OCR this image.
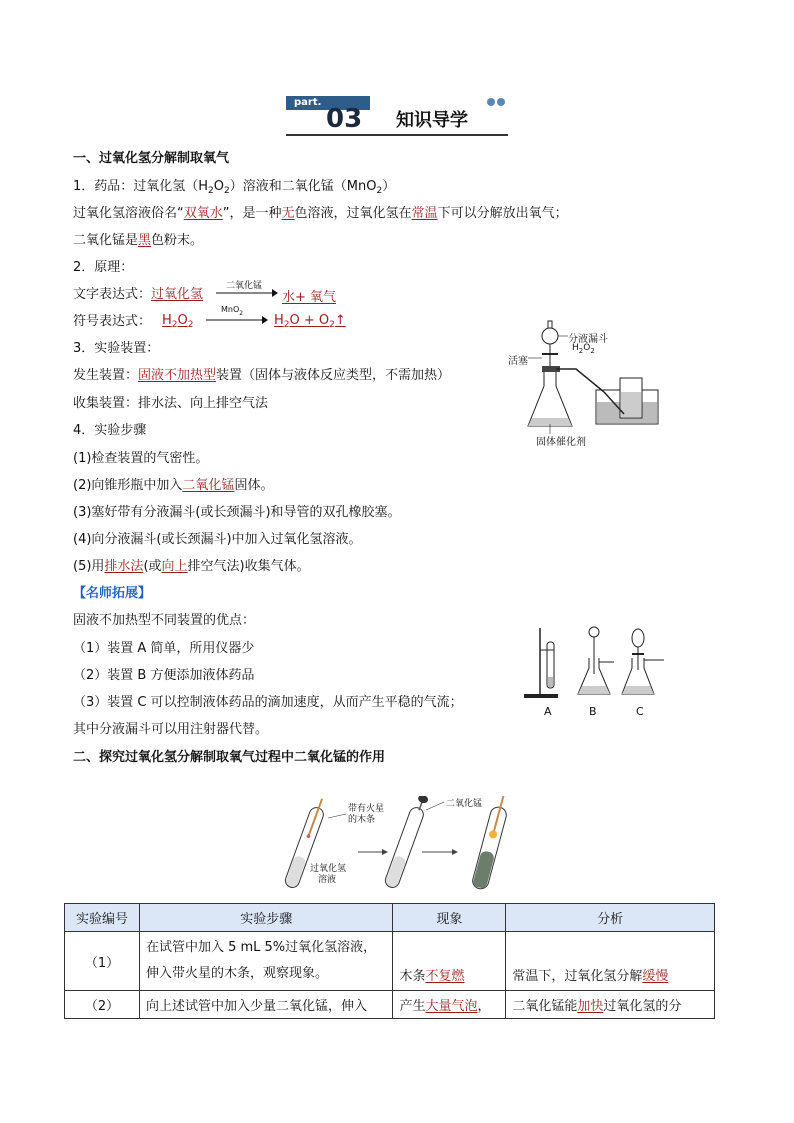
part.
03 知识导学
一、过氧化氢分解制取氧气
1．药品：过氧化氢$(H_2O_2)$溶液和二氧化锰（MnO$_2$）
过氧化氢溶液俗名“双氧水”，是一种无色溶液，过氧化氢在常温下可以分解放出氧气；
二氧化锰是黑色粉末。
2．原理：
文字表达式：过氧化氢
二氧化锰
水+ 氧气
符号表达式： $H_2O_2$
MnO$_2$ $H_2O$ + $O_2↑$
3．实验装置：
发生装置：固液不加热型装置（固体与液体反应类型，不需加热）
收集装置：排水法、向上排空气法
4．实验步骤
(1)检查装置的气密性。
(2)向锥形瓶中加入二氧化锰固体。
(3)塞好带有分液漏斗(或长颈漏斗)和导管的双孔橡胶塞。
(4)向分液漏斗(或长颈漏斗)中加入过氧化氢溶液。
(5)用排水法(或向上排空气法)收集气体。
【名师拓展】
固液不加热型不同装置的优点：
（1）装置 A 简单，所用仪器少
（2）装置 B 方便添加液体药品
（3）装置 C 可以控制液体药品的滴加速度，从而产生平稳的气流；
其中分液漏斗可以用注射器代替。
分液漏斗
$H_2O_2$
活塞
固体催化剂
A	B	C
二、探究过氧化氢分解制取氧气过程中二氧化锰的作用
带有火星
的木条
二氧化锰
过氧化氢
溶液
实验编号	实验步骤	现象	分析
（1）	在试管中加入 5 mL 5%过氧化氢溶液，
伸入带火星的木条，观察现象。	木条不复燃	常温下，过氧化氢分解缓慢
（2）	向上述试管中加入少量二氧化锰，伸入	产生大量气泡，	二氧化锰能加快过氧化氢的分
